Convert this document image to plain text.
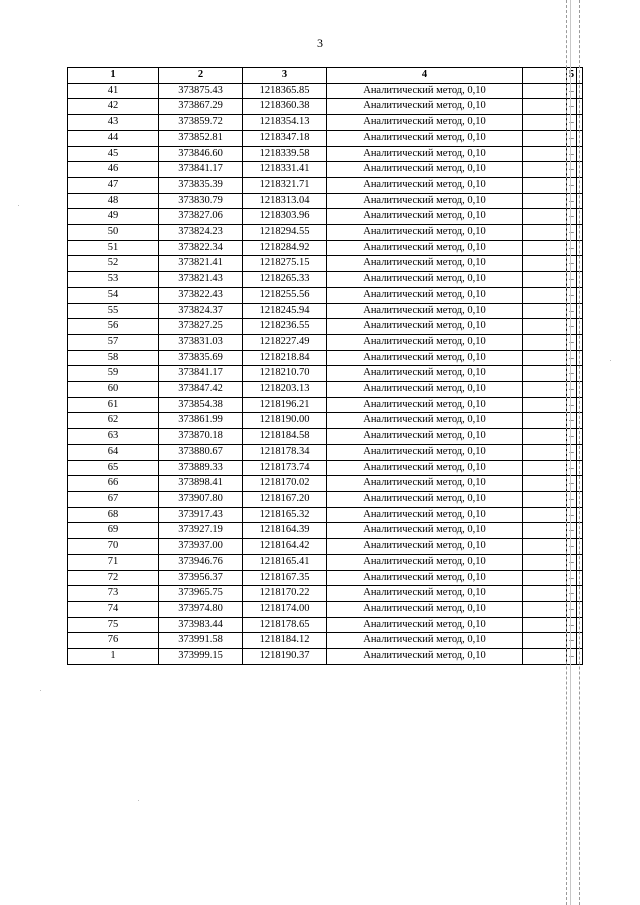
3
1	2	3	4		5	
41	373875.43	1218365.85	Аналитический метод, 0,10		–	
42	373867.29	1218360.38	Аналитический метод, 0,10		–	
43	373859.72	1218354.13	Аналитический метод, 0,10		–	
44	373852.81	1218347.18	Аналитический метод, 0,10		–	
45	373846.60	1218339.58	Аналитический метод, 0,10		–	
46	373841.17	1218331.41	Аналитический метод, 0,10		–	
47	373835.39	1218321.71	Аналитический метод, 0,10		–	
48	373830.79	1218313.04	Аналитический метод, 0,10		–	
49	373827.06	1218303.96	Аналитический метод, 0,10		–	
50	373824.23	1218294.55	Аналитический метод, 0,10		–	
51	373822.34	1218284.92	Аналитический метод, 0,10		–	
52	373821.41	1218275.15	Аналитический метод, 0,10		–	
53	373821.43	1218265.33	Аналитический метод, 0,10		–	
54	373822.43	1218255.56	Аналитический метод, 0,10		–	
55	373824.37	1218245.94	Аналитический метод, 0,10		–	
56	373827.25	1218236.55	Аналитический метод, 0,10		–	
57	373831.03	1218227.49	Аналитический метод, 0,10		–	
58	373835.69	1218218.84	Аналитический метод, 0,10		–	
59	373841.17	1218210.70	Аналитический метод, 0,10		–	
60	373847.42	1218203.13	Аналитический метод, 0,10		–	
61	373854.38	1218196.21	Аналитический метод, 0,10		–	
62	373861.99	1218190.00	Аналитический метод, 0,10		–	
63	373870.18	1218184.58	Аналитический метод, 0,10		–	
64	373880.67	1218178.34	Аналитический метод, 0,10		–	
65	373889.33	1218173.74	Аналитический метод, 0,10		–	
66	373898.41	1218170.02	Аналитический метод, 0,10		–	
67	373907.80	1218167.20	Аналитический метод, 0,10		–	
68	373917.43	1218165.32	Аналитический метод, 0,10		–	
69	373927.19	1218164.39	Аналитический метод, 0,10		–	
70	373937.00	1218164.42	Аналитический метод, 0,10		–	
71	373946.76	1218165.41	Аналитический метод, 0,10		–	
72	373956.37	1218167.35	Аналитический метод, 0,10		–	
73	373965.75	1218170.22	Аналитический метод, 0,10		–	
74	373974.80	1218174.00	Аналитический метод, 0,10		–	
75	373983.44	1218178.65	Аналитический метод, 0,10		–	
76	373991.58	1218184.12	Аналитический метод, 0,10		–	
1	373999.15	1218190.37	Аналитический метод, 0,10		–	
